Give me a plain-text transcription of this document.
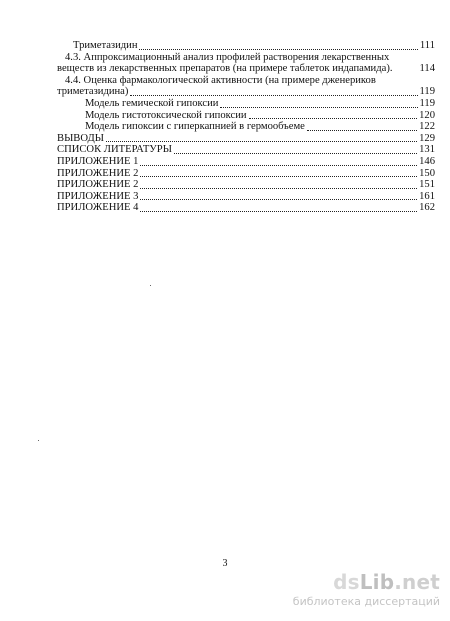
Триметазидин	111
4.3. Аппроксимационный анализ профилей растворения лекарственных
веществ из лекарственных препаратов (на примере таблеток индапамида).	114
4.4. Оценка фармакологической активности (на примере дженериков
триметазидина)	119
Модель гемической гипоксии	119
Модель гистотоксической гипоксии	120
Модель гипоксии с гиперкапнией в гермообъеме	122
ВЫВОДЫ	129
СПИСОК ЛИТЕРАТУРЫ	131
ПРИЛОЖЕНИЕ 1	146
ПРИЛОЖЕНИЕ 2	150
ПРИЛОЖЕНИЕ 2	151
ПРИЛОЖЕНИЕ 3	161
ПРИЛОЖЕНИЕ 4	162
3
dsLib.net
библиотека диссертаций
